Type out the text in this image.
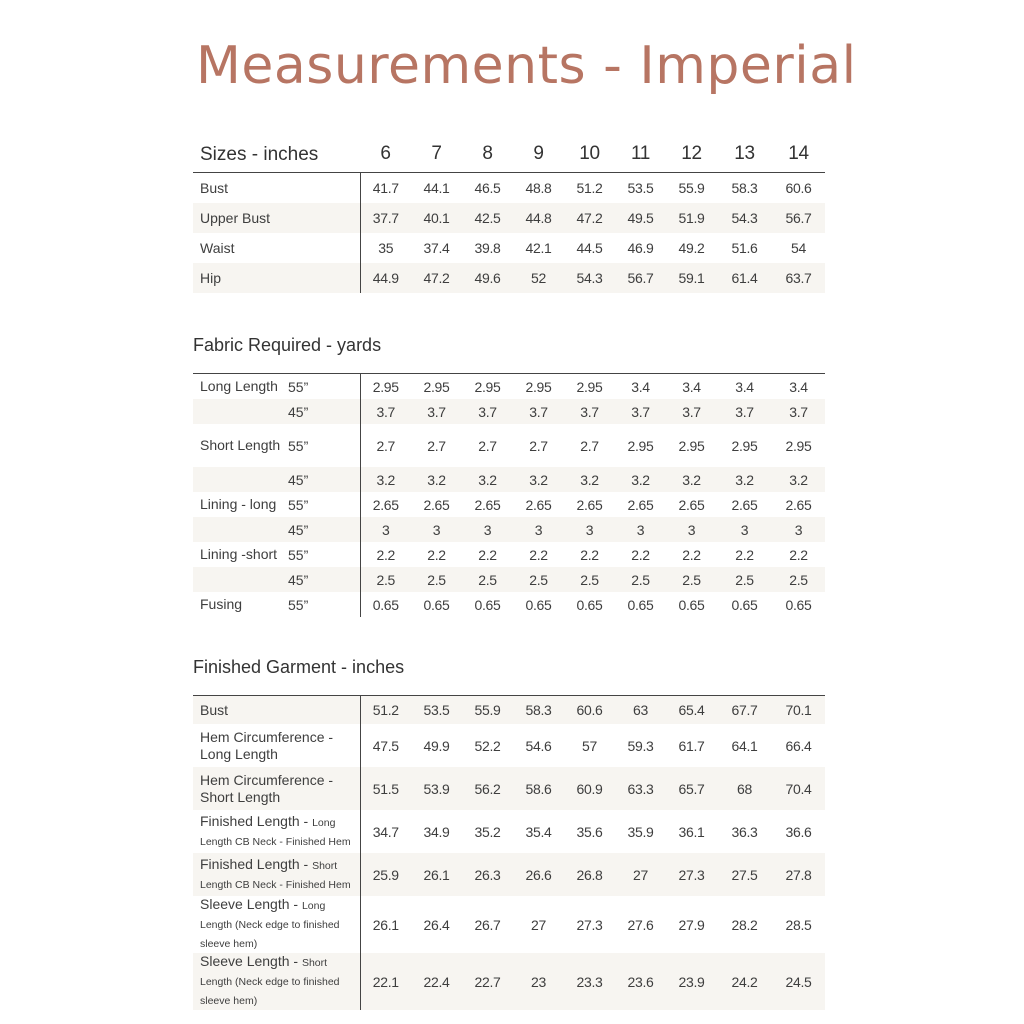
Measurements - Imperial
Sizes - inches	6	7	8	9	10	11	12	13	14
Bust	41.7	44.1	46.5	48.8	51.2	53.5	55.9	58.3	60.6
Upper Bust	37.7	40.1	42.5	44.8	47.2	49.5	51.9	54.3	56.7
Waist	35	37.4	39.8	42.1	44.5	46.9	49.2	51.6	54
Hip	44.9	47.2	49.6	52	54.3	56.7	59.1	61.4	63.7
Fabric Required - yards
Long Length	55”	2.95	2.95	2.95	2.95	2.95	3.4	3.4	3.4	3.4
	45”	3.7	3.7	3.7	3.7	3.7	3.7	3.7	3.7	3.7
Short Length	55”	2.7	2.7	2.7	2.7	2.7	2.95	2.95	2.95	2.95
	45”	3.2	3.2	3.2	3.2	3.2	3.2	3.2	3.2	3.2
Lining - long	55”	2.65	2.65	2.65	2.65	2.65	2.65	2.65	2.65	2.65
	45”	3	3	3	3	3	3	3	3	3
Lining -short	55”	2.2	2.2	2.2	2.2	2.2	2.2	2.2	2.2	2.2
	45”	2.5	2.5	2.5	2.5	2.5	2.5	2.5	2.5	2.5
Fusing	55”	0.65	0.65	0.65	0.65	0.65	0.65	0.65	0.65	0.65
Finished Garment - inches
Bust	51.2	53.5	55.9	58.3	60.6	63	65.4	67.7	70.1
Hem Circumference - Long Length	47.5	49.9	52.2	54.6	57	59.3	61.7	64.1	66.4
Hem Circumference - Short Length	51.5	53.9	56.2	58.6	60.9	63.3	65.7	68	70.4
Finished Length - Long Length CB Neck - Finished Hem	34.7	34.9	35.2	35.4	35.6	35.9	36.1	36.3	36.6
Finished Length - Short Length CB Neck - Finished Hem	25.9	26.1	26.3	26.6	26.8	27	27.3	27.5	27.8
Sleeve Length - Long Length (Neck edge to finished sleeve hem)	26.1	26.4	26.7	27	27.3	27.6	27.9	28.2	28.5
Sleeve Length - Short Length (Neck edge to finished sleeve hem)	22.1	22.4	22.7	23	23.3	23.6	23.9	24.2	24.5
